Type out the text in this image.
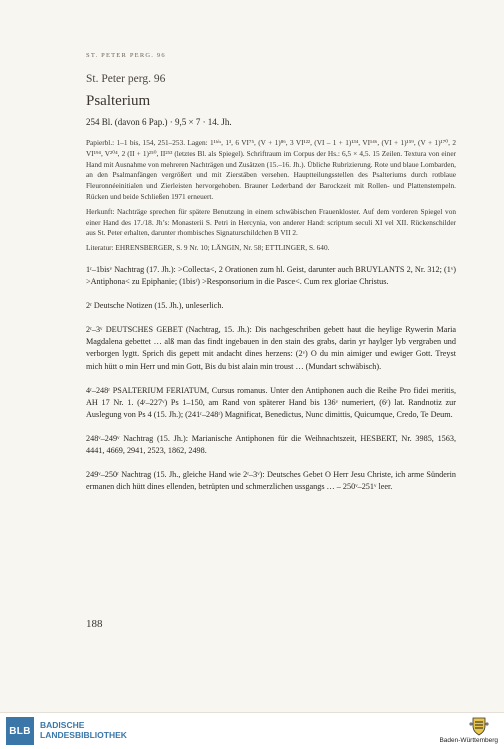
ST. PETER PERG. 96
St. Peter perg. 96
Psalterium
254 Bl. (davon 6 Pap.) · 9,5 × 7 · 14. Jh.

Papierbl.: 1–1 bis, 154, 251–253. Lagen: 1¹ᵇⁱˢ, 1³, 6 VI⁷⁵, (V + 1)⁸⁶, 3 VI¹²², (VI – 1 + 1)¹³⁴, VI¹⁴⁶, (VI + 1)¹⁵⁹, (V + 1)¹⁷⁰, 2 VI¹⁹⁴, V²⁰⁴, 2 (II + 1)²⁵⁰, II²⁵³ (letztes Bl. als Spiegel). Schriftraum im Corpus der Hs.: 6,5 × 4,5. 15 Zeilen. Textura von einer Hand mit Ausnahme von mehreren Nachträgen und Zusätzen (15.–16. Jh.). Übliche Rubrizierung. Rote und blaue Lombarden, an den Psalmanfängen vergrößert und mit Zierstäben versehen. Hauptteilungsstellen des Psalteriums durch rotblaue Fleuronnéeinitialen und Zierleisten hervorgehoben. Brauner Lederband der Barockzeit mit Rollen- und Plattenstempeln. Rücken und beide Schließen 1971 erneuert.

Herkunft: Nachträge sprechen für spätere Benutzung in einem schwäbischen Frauenkloster. Auf dem vorderen Spiegel von einer Hand des 17./18. Jh’s: Monasterii S. Petri in Hercynia, von anderer Hand: scriptum seculi XI vel XII. Rückenschilder aus St. Peter erhalten, darunter rhombisches Signaturschildchen B VII 2.

Literatur: EHRENSBERGER, S. 9 Nr. 10; LÄNGIN, Nr. 58; ETTLINGER, S. 640.

1ʳ–1bisᵛ Nachtrag (17. Jh.): >Collecta<, 2 Orationen zum hl. Geist, darunter auch BRUYLANTS 2, Nr. 312; (1ᵛ) >Antiphona< zu Epiphanie; (1bisʳ) >Responsorium in die Pasce<. Cum rex gloriae Christus.

2ʳ Deutsche Notizen (15. Jh.), unleserlich.

2ʳ–3ᵛ DEUTSCHES GEBET (Nachtrag, 15. Jh.): Dis nachgeschriben gebett haut die heylige Rywerin Maria Magdalena gebettet … alß man das findt ingebauen in den stain des grabs, darin yr haylger lyb vergraben und verborgen lygtt. Sprich dis gepett mit andacht dines herzens: (2ᵛ) O du min aimiger und ewiger Gott. Treyst mich hütt o min Herr und min Gott, Bis du bist alain min troust … (Mundart schwäbisch).

4ʳ–248ʳ PSALTERIUM FERIATUM, Cursus romanus. Unter den Antiphonen auch die Reihe Pro fidei meritis, AH 17 Nr. 1. (4ʳ–227ᵛ) Ps 1–150, am Rand von späterer Hand bis 136ᵛ numeriert, (6ʳ) lat. Randnotiz zur Auslegung von Ps 4 (15. Jh.); (241ʳ–248ʳ) Magnificat, Benedictus, Nunc dimittis, Quicumque, Credo, Te Deum.

248ᵛ–249ᵛ Nachtrag (15. Jh.): Marianische Antiphonen für die Weihnachtszeit, HESBERT, Nr. 3985, 1563, 4441, 4669, 2941, 2523, 1862, 2498.

249ᵛ–250ʳ Nachtrag (15. Jh., gleiche Hand wie 2ʳ–3ᵛ): Deutsches Gebet O Herr Jesu Christe, ich arme Sünderin ermanen dich hütt dines ellenden, betrüpten und schmerzlichen ussgangs … – 250ᵛ–251ᵛ leer.

188
BLB
BADISCHE
LANDESBIBLIOTHEK
Baden-Württemberg
